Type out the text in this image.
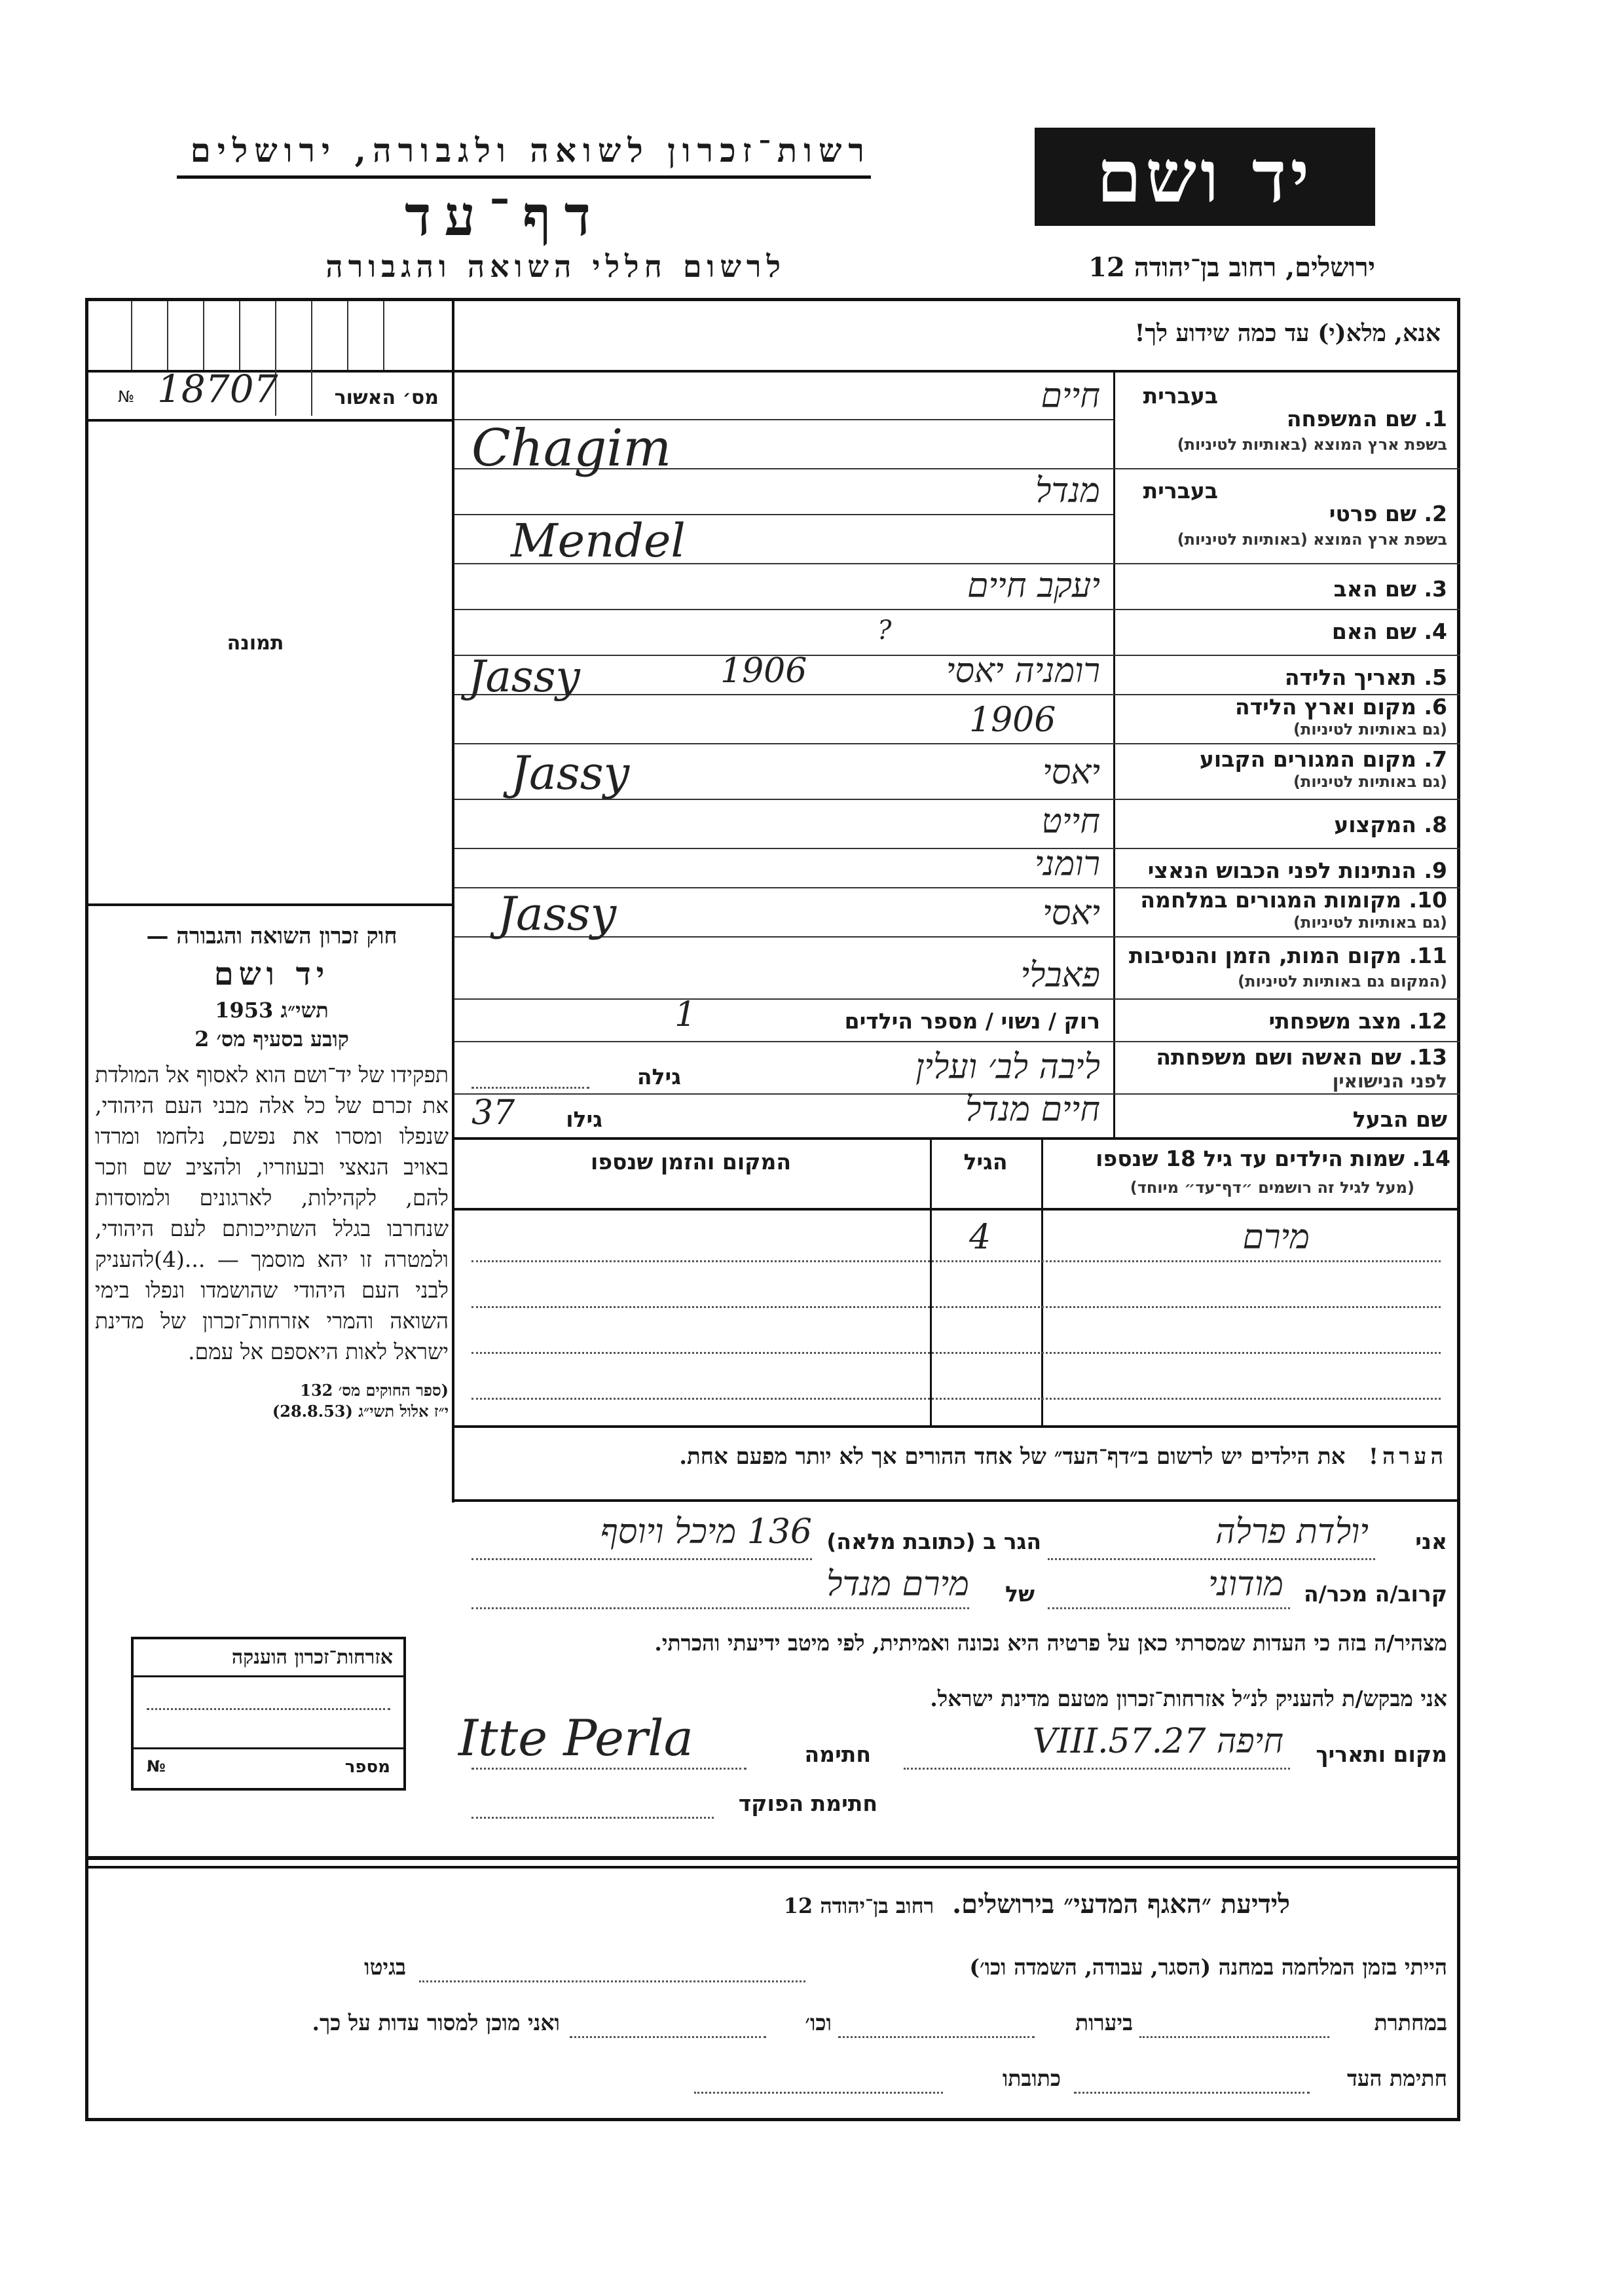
רשות־זכרון לשואה ולגבורה, ירושלים
דף־עד
לרשום חללי השואה והגבורה
יד ושם
ירושלים, רחוב בן־יהודה 12
מס׳ האשור
№ 18707
תמונה
חוק זכרון השואה והגבורה —
יד ושם
תשי״ג 1953
קובע בסעיף מס׳ 2
תפקידו של יד־ושם הוא לאסוף אל המולדת את זכרם של כל אלה מבני העם היהודי, שנפלו ומסרו את נפשם, נלחמו ומרדו באויב הנאצי ובעוזריו, ולהציב שם וזכר להם, לקהילות, לארגונים ולמוסדות שנחרבו בגלל השתייכותם לעם היהודי, ולמטרה זו יהא מוסמך — ...(4)להעניק לבני העם היהודי שהושמדו ונפלו בימי השואה והמרי אזרחות־זכרון של מדינת ישראל לאות היאספם אל עמם.
(ספר החוקים מס׳ 132
י״ז אלול תשי״ג (28.8.53)
אנא, מלא(י) עד כמה שידוע לך!
בעברית
1. שם המשפחה
בשפת ארץ המוצא (באותיות לטיניות)
חיים
Chagim
בעברית
2. שם פרטי
בשפת ארץ המוצא (באותיות לטיניות)
מנדל
Mendel
3. שם האב
יעקב חיים
4. שם האם
?
5. תאריך הלידה
1906
6. מקום וארץ הלידה
(גם באותיות לטיניות)
רומניה יאסי
Jassy
1906
7. מקום המגורים הקבוע
(גם באותיות לטיניות)
יאסי
Jassy
8. המקצוע
חייט
9. הנתינות לפני הכבוש הנאצי
רומני
10. מקומות המגורים במלחמה
(גם באותיות לטיניות)
יאסי
Jassy
11. מקום המות, הזמן והנסיבות
(המקום גם באותיות לטיניות)
פאבלי
12. מצב משפחתי
רוק / נשוי / מספר הילדים
1
13. שם האשה ושם משפחתה
לפני הנישואין
ליבה לב׳ ועלין
גילה
שם הבעל
חיים מנדל
גילו
37
14. שמות הילדים עד גיל 18 שנספו
(מעל לגיל זה רושמים ״דף־עד״ מיוחד)
הגיל
המקום והזמן שנספו
מירם
4
הערה!   את הילדים יש לרשום ב״דף־העד״ של אחד ההורים אך לא יותר מפעם אחת.
אני
יולדת פרלה
הגר ב (כתובת מלאה)
136 מיכל ויוסף
קרוב/ה מכר/ה
מודוני
של
מירם מנדל
מצהיר/ה בזה כי העדות שמסרתי כאן על פרטיה היא נכונה ואמיתית, לפי מיטב ידיעתי והכרתי.
אני מבקש/ת להעניק לנ״ל אזרחות־זכרון מטעם מדינת ישראל.
מקום ותאריך
חיפה 27.VIII.57
חתימה
Itte Perla
חתימת הפוקד
אזרחות־זכרון הוענקה
№	מספר
לידיעת ״האגף המדעי״ בירושלים.  רחוב בן־יהודה 12
הייתי בזמן המלחמה במחנה (הסגר, עבודה, השמדה וכו׳)
בגיטו
במחתרת
ביערות
וכו׳
ואני מוכן למסור עדות על כך.
חתימת העד
כתובתו
